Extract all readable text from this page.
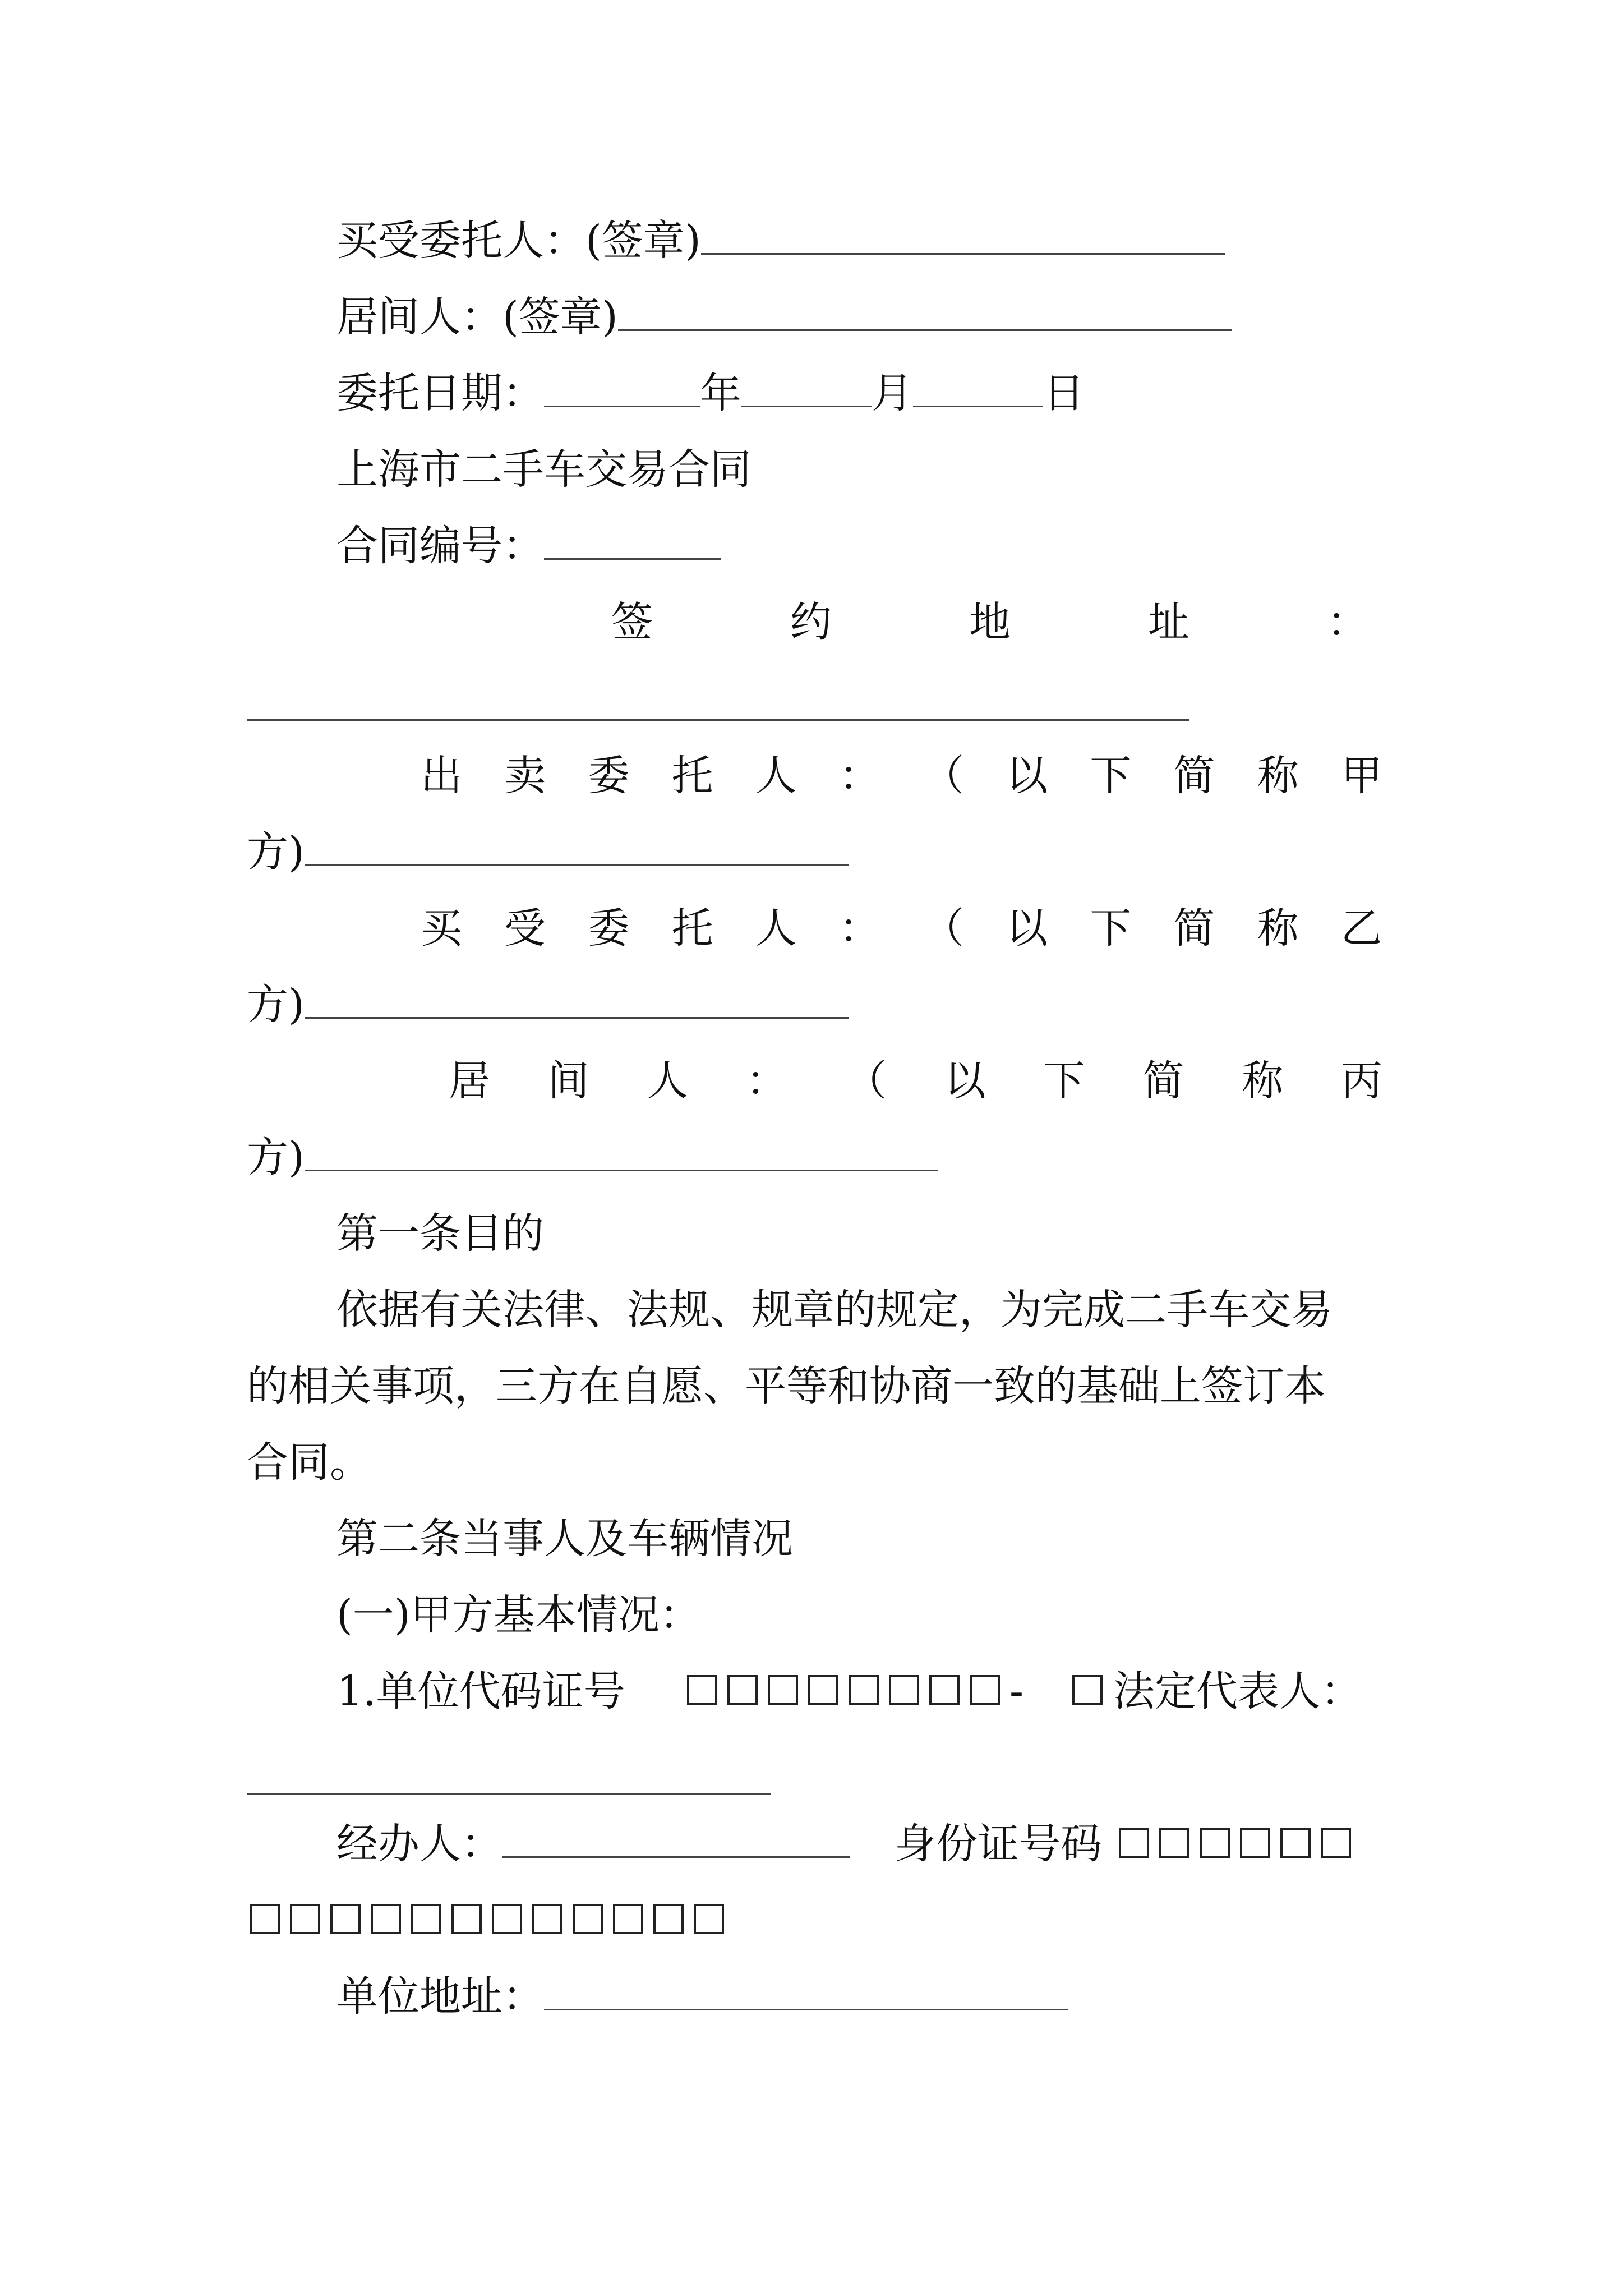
买受委托人：(签章)
居间人：(签章)
委托日期：	年	月	日
上海市二手车交易合同
合同编号：
签	约	地	址	：
出 卖 委 托 人 ： （ 以 下 简 称 甲
方)
买 受 委 托 人 ： （ 以 下 简 称 乙
方)
居 间 人 ： （ 以 下 简 称 丙
方)
第一条目的
依据有关法律、法规、规章的规定，为完成二手车交易
的相关事项，三方在自愿、平等和协商一致的基础上签订本
合同。
第二条当事人及车辆情况
(一)甲方基本情况：
1.单位代码证号	- 法定代表人：
经办人：	身份证号码
单位地址：
